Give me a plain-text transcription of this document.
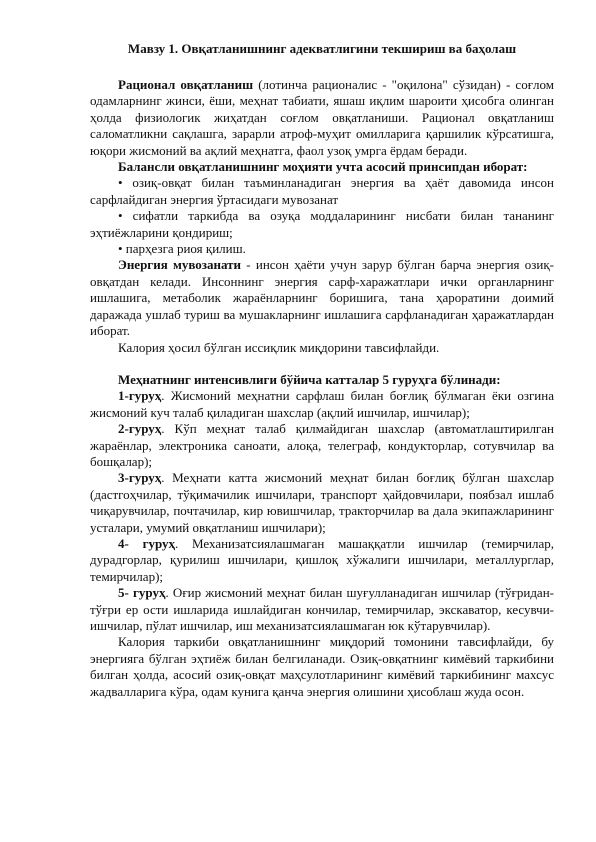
Мавзу 1. Овқатланишнинг адекватлигини текшириш ва баҳолаш

Рационал овқатланиш (лотинча рационалис - "оқилона" сўзидан) - соғлом одамларнинг жинси, ёши, меҳнат табиати, яшаш иқлим шароити ҳисобга олинган ҳолда физиологик жиҳатдан соғлом овқатланиши. Рационал овқатланиш саломатликни сақлашга, зарарли атроф-муҳит омилларига қаршилик кўрсатишга, юқори жисмоний ва ақлий меҳнатга, фаол узоқ умрга ёрдам беради.

Балансли овқатланишнинг моҳияти учта асосий принсипдан иборат:

• озиқ-овқат билан таъминланадиган энергия ва ҳаёт давомида инсон сарфлайдиган энергия ўртасидаги мувозанат

• сифатли таркибда ва озуқа моддаларининг нисбати билан тананинг эҳтиёжларини қондириш;

• парҳезга риоя қилиш.

Энергия мувозанати - инсон ҳаёти учун зарур бўлган барча энергия озиқ-овқатдан келади. Инсоннинг энергия сарф-харажатлари ички органларнинг ишлашига, метаболик жараёнларнинг боришига, тана ҳароратини доимий даражада ушлаб туриш ва мушакларнинг ишлашига сарфланадиган ҳаражатлардан иборат.

Калория ҳосил бўлган иссиқлик миқдорини тавсифлайди.

Меҳнатнинг интенсивлиги бўйича катталар 5 гуруҳга бўлинади:

1-гуруҳ. Жисмоний меҳнатни сарфлаш билан боғлиқ бўлмаган ёки озгина жисмоний куч талаб қиладиган шахслар (ақлий ишчилар, ишчилар);

2-гуруҳ. Кўп меҳнат талаб қилмайдиган шахслар (автоматлаштирилган жараёнлар, электроника саноати, алоқа, телеграф, кондукторлар, сотувчилар ва бошқалар);

3-гуруҳ. Меҳнати катта жисмоний меҳнат билан боғлиқ бўлган шахслар (дастгоҳчилар, тўқимачилик ишчилари, транспорт ҳайдовчилари, поябзал ишлаб чиқарувчилар, почтачилар, кир ювишчилар, тракторчилар ва дала экипажларининг усталари, умумий овқатланиш ишчилари);

4- гуруҳ. Механизатсиялашмаган машаққатли ишчилар (темирчилар, дурадгорлар, қурилиш ишчилари, қишлоқ хўжалиги ишчилари, металлурглар, темирчилар);

5- гуруҳ. Оғир жисмоний меҳнат билан шуғулланадиган ишчилар (тўғридан-тўғри ер ости ишларида ишлайдиган кончилар, темирчилар, экскаватор, кесувчи-ишчилар, пўлат ишчилар, иш механизатсиялашмаган юк кўтарувчилар).

Калория таркиби овқатланишнинг миқдорий томонини тавсифлайди, бу энергияга бўлган эҳтиёж билан белгиланади. Озиқ-овқатнинг кимёвий таркибини билган ҳолда, асосий озиқ-овқат маҳсулотларининг кимёвий таркибининг махсус жадвалларига кўра, одам кунига қанча энергия олишини ҳисоблаш жуда осон.
